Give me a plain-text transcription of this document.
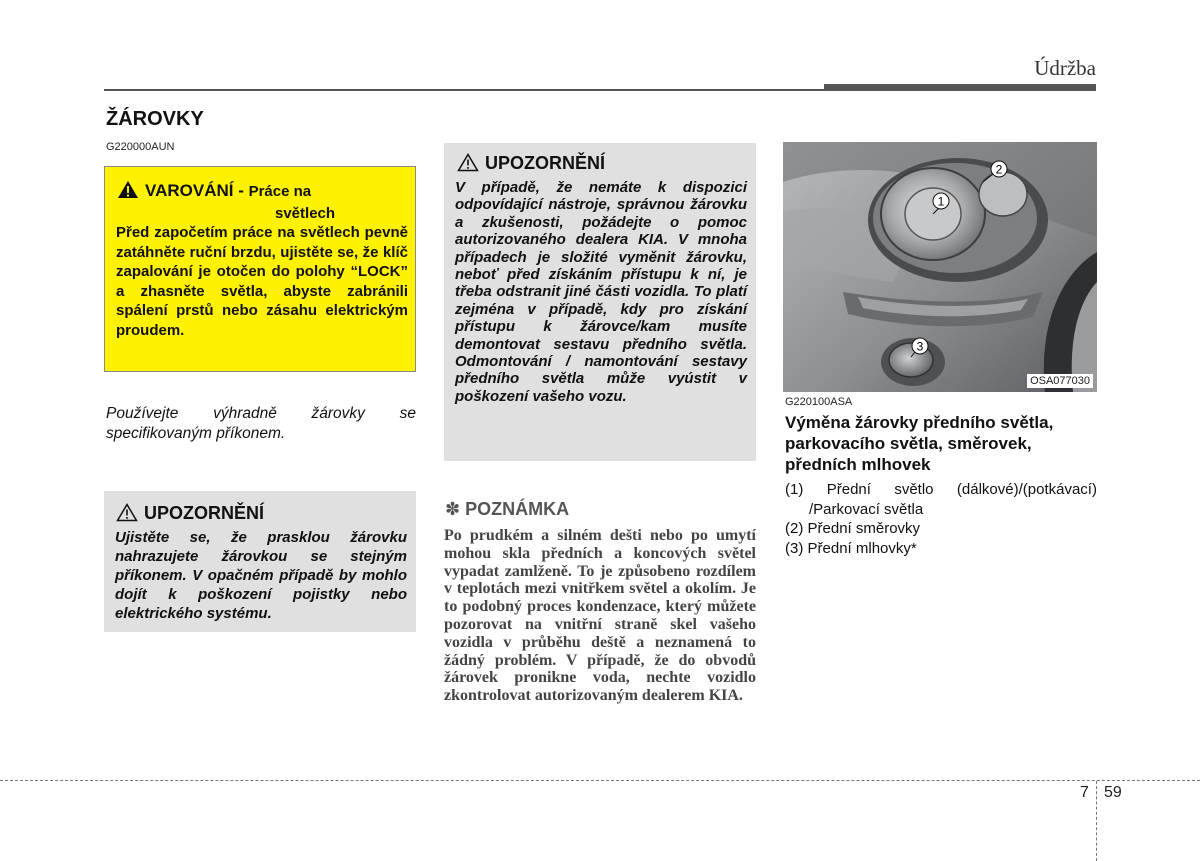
Údržba
ŽÁROVKY
G220000AUN
VAROVÁNÍ - Práce na
světlech
Před započetím práce na světlech pevně zatáhněte ruční brzdu, ujistěte se, že klíč zapalování je otočen do polohy “LOCK” a zhasněte světla, abyste zabránili spálení prstů nebo zásahu elektrickým proudem.
Používejte výhradně žárovky se specifikovaným příkonem.
UPOZORNĚNÍ
Ujistěte se, že prasklou žárovku nahrazujete žárovkou se stejným příkonem. V opačném případě by mohlo dojít k poškození pojistky nebo elektrického systému.
UPOZORNĚNÍ
V případě, že nemáte k dispozici odpovídající nástroje, správnou žárovku a zkušenosti, požádejte o pomoc autorizovaného dealera KIA. V mnoha případech je složité vyměnit žárovku, neboť před získáním přístupu k ní, je třeba odstranit jiné části vozidla. To platí zejména v případě, kdy pro získání přístupu k žárovce/kam musíte demontovat sestavu předního světla. Odmontování / namontování sestavy předního světla může vyústit v poškození vašeho vozu.
✽ POZNÁMKA
Po prudkém a silném dešti nebo po umytí mohou skla předních a koncových světel vypadat zamlženě. To je způsobeno rozdílem v teplotách mezi vnitřkem světel a okolím. Je to podobný proces kondenzace, který můžete pozorovat na vnitřní straně skel vašeho vozidla v průběhu deště a neznamená to žádný problém. V případě, že do obvodů žárovek pronikne voda, nechte vozidlo zkontrolovat autorizovaným dealerem KIA.
1
2
3
OSA077030
G220100ASA
Výměna žárovky předního světla, parkovacího světla, směrovek, předních mlhovek
(1) Přední světlo (dálkové)/(potkávací)
/Parkovací světla
(2) Přední směrovky
(3) Přední mlhovky*
7 59
